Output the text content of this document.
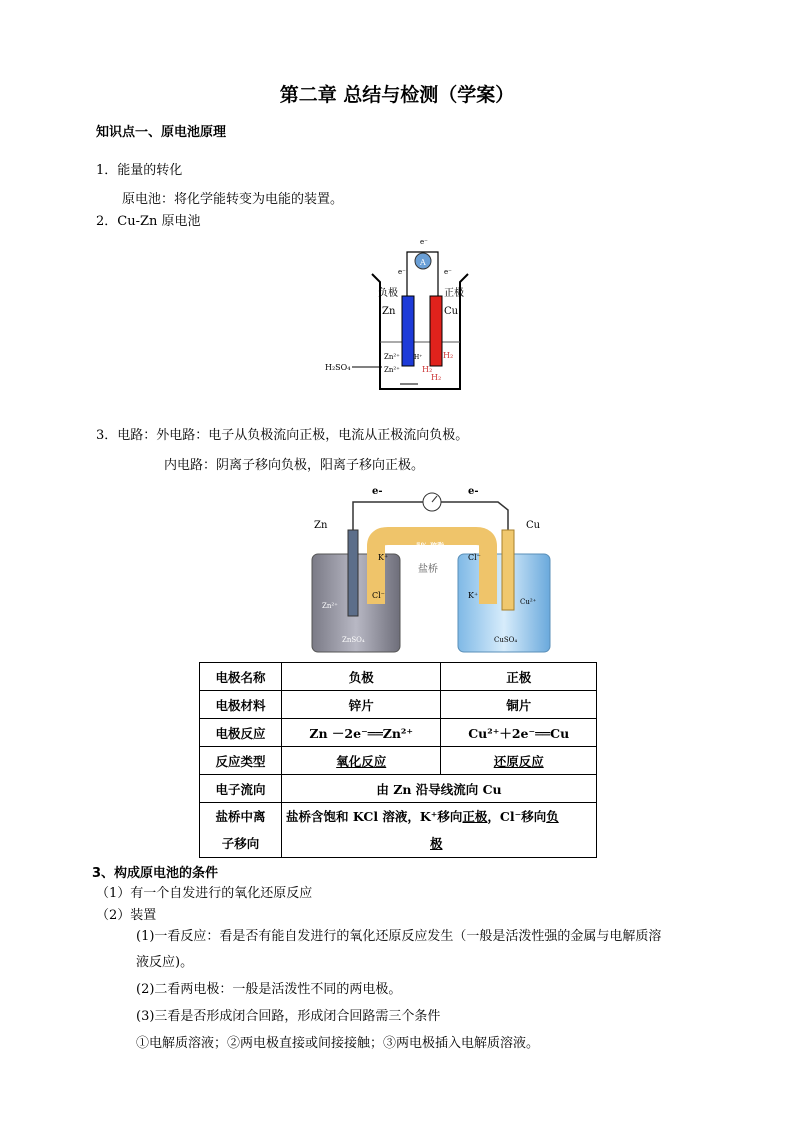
第二章 总结与检测（学案）
知识点一、原电池原理
1．能量的转化
原电池：将化学能转变为电能的装置。
2．Cu-Zn 原电池
A
e⁻
e⁻	e⁻
负极
Zn
正极
Cu
Zn²⁺
Zn²⁺
H⁺	H₂
H₂
H₂
H₂SO₄
3．电路：外电路：电子从负极流向正极，电流从正极流向负极。
内电路：阴离子移向负极，阳离子移向正极。
e-	e-
Zn	Cu
5% 琼脂
盐桥
K⁺	Cl⁻
Zn²⁺
Cl⁻	K⁺
Cu²⁺
ZnSO₄	CuSO₄
电极名称	负极	正极
电极材料	锌片	铜片
电极反应	Zn －2e⁻══Zn²⁺	Cu²⁺＋2e⁻══Cu
反应类型	氧化反应	还原反应
电子流向	由 Zn 沿导线流向 Cu	
盐桥中离
子移向	盐桥含饱和 KCl 溶液，K⁺移向正极，Cl⁻移向负
极	
3、构成原电池的条件
（1）有一个自发进行的氧化还原反应
（2）装置
(1)一看反应：看是否有能自发进行的氧化还原反应发生（一般是活泼性强的金属与电解质溶
液反应)。
(2)二看两电极：一般是活泼性不同的两电极。
(3)三看是否形成闭合回路，形成闭合回路需三个条件
①电解质溶液；②两电极直接或间接接触；③两电极插入电解质溶液。
